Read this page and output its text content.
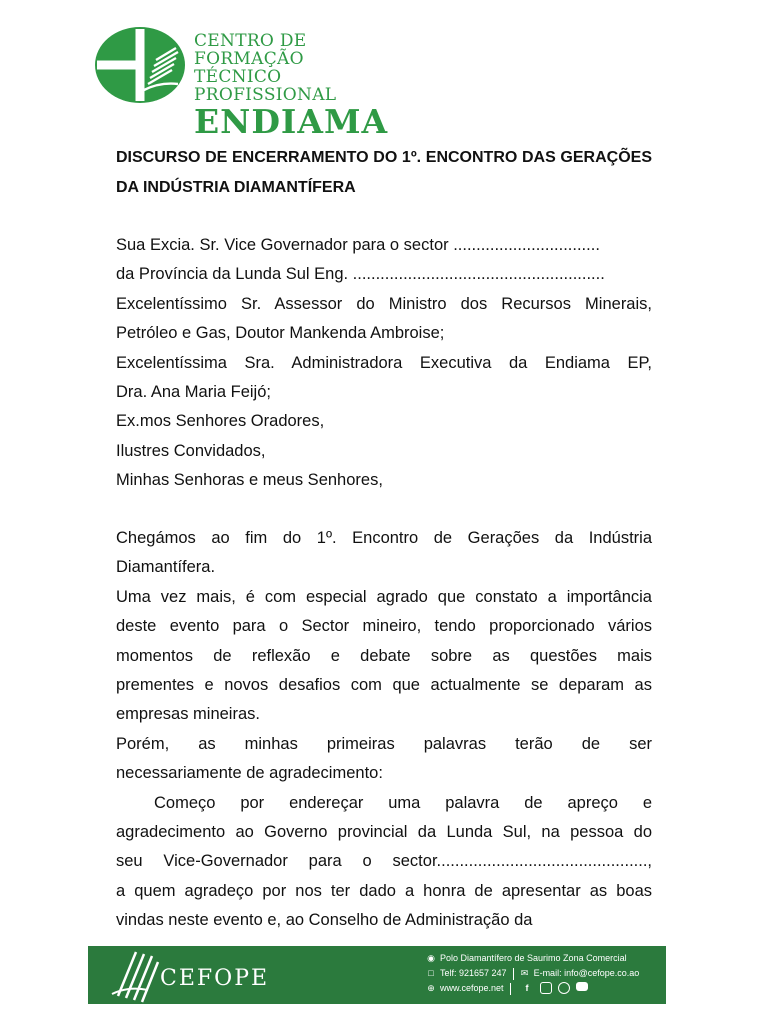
CENTRO DE FORMAÇÃO
TÉCNICO PROFISSIONAL
ENDIAMA
DISCURSO DE ENCERRAMENTO DO 1º. ENCONTRO DAS GERAÇÕES DA INDÚSTRIA DIAMANTÍFERA
Sua Excia. Sr. Vice Governador para o sector ................................
da Província da Lunda Sul Eng. .......................................................
Excelentíssimo Sr. Assessor do Ministro dos Recursos Minerais,
Petróleo e Gas, Doutor Mankenda Ambroise;
Excelentíssima Sra. Administradora Executiva da Endiama EP,
Dra. Ana Maria Feijó;
Ex.mos Senhores Oradores,
Ilustres Convidados,
Minhas Senhoras e meus Senhores,
Chegámos ao fim do 1º. Encontro de Gerações da Indústria
Diamantífera.
Uma vez mais, é com especial agrado que constato a importância
deste evento para o Sector mineiro, tendo proporcionado vários
momentos de reflexão e debate sobre as questões mais
prementes e novos desafios com que actualmente se deparam as
empresas mineiras.
Porém, as minhas primeiras palavras terão de ser
necessariamente de agradecimento:
Começo por endereçar uma palavra de apreço e
agradecimento ao Governo provincial da Lunda Sul, na pessoa do
seu Vice-Governador para o sector..............................................,
a quem agradeço por nos ter dado a honra de apresentar as boas
vindas neste evento e, ao Conselho de Administração da
CEFOPE
◉ Polo Diamantífero de Saurimo Zona Comercial
□ Telf: 921657 247 ✉ E-mail: info@cefope.co.ao
⊕ www.cefope.net	f
